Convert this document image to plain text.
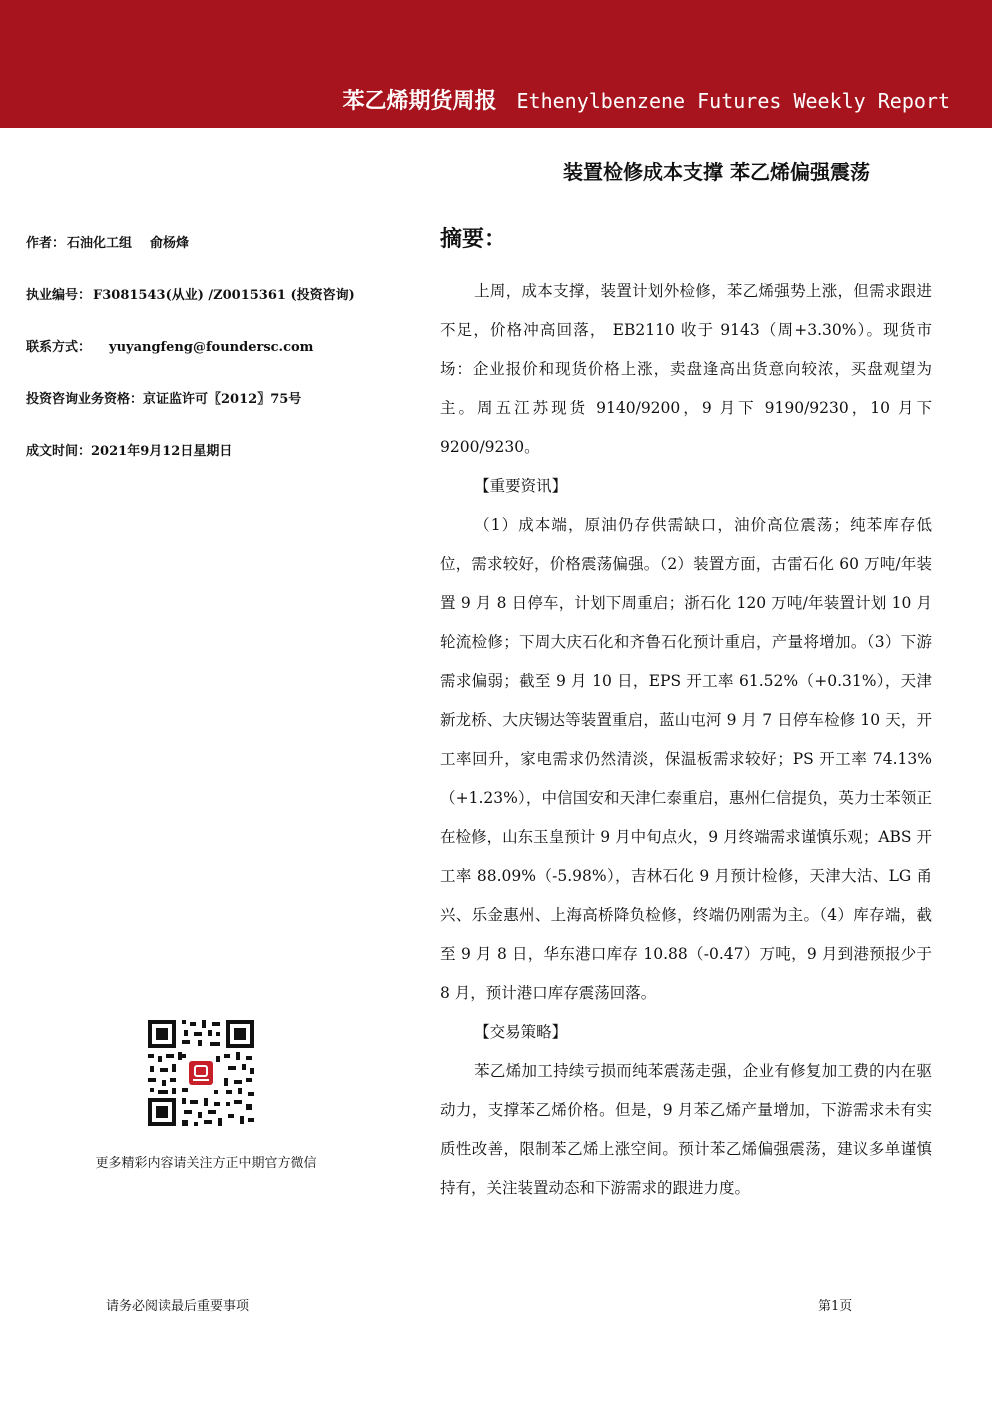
苯乙烯期货周报 Ethenylbenzene Futures Weekly Report
装置检修成本支撑 苯乙烯偏强震荡
作者： 石油化工组 俞杨烽
执业编号： F3081543(从业) /Z0015361 (投资咨询)
联系方式： yuyangfeng@foundersc.com
投资咨询业务资格：京证监许可〖2012〗75号
成文时间：2021年9月12日星期日
更多精彩内容请关注方正中期官方微信
摘要：

上周，成本支撑，装置计划外检修，苯乙烯强势上涨，但需求跟进不足，价格冲高回落， EB2110 收于 9143（周+3.30%）。现货市场：企业报价和现货价格上涨，卖盘逢高出货意向较浓，买盘观望为主。周五江苏现货 9140/9200，9 月下 9190/9230，10 月下 9200/9230。

【重要资讯】

（1）成本端，原油仍存供需缺口，油价高位震荡；纯苯库存低位，需求较好，价格震荡偏强。（2）装置方面，古雷石化 60 万吨/年装置 9 月 8 日停车，计划下周重启；浙石化 120 万吨/年装置计划 10 月轮流检修；下周大庆石化和齐鲁石化预计重启，产量将增加。（3）下游需求偏弱；截至 9 月 10 日，EPS 开工率 61.52%（+0.31%），天津新龙桥、大庆锡达等装置重启，蓝山屯河 9 月 7 日停车检修 10 天，开工率回升，家电需求仍然清淡，保温板需求较好；PS 开工率 74.13%（+1.23%），中信国安和天津仁泰重启，惠州仁信提负，英力士苯领正在检修，山东玉皇预计 9 月中旬点火，9 月终端需求谨慎乐观；ABS 开工率 88.09%（-5.98%），吉林石化 9 月预计检修，天津大沽、LG 甬兴、乐金惠州、上海高桥降负检修，终端仍刚需为主。（4）库存端，截至 9 月 8 日，华东港口库存 10.88（-0.47）万吨，9 月到港预报少于 8 月，预计港口库存震荡回落。

【交易策略】

苯乙烯加工持续亏损而纯苯震荡走强，企业有修复加工费的内在驱动力，支撑苯乙烯价格。但是，9 月苯乙烯产量增加，下游需求未有实质性改善，限制苯乙烯上涨空间。预计苯乙烯偏强震荡，建议多单谨慎持有，关注装置动态和下游需求的跟进力度。

请务必阅读最后重要事项	第1页
